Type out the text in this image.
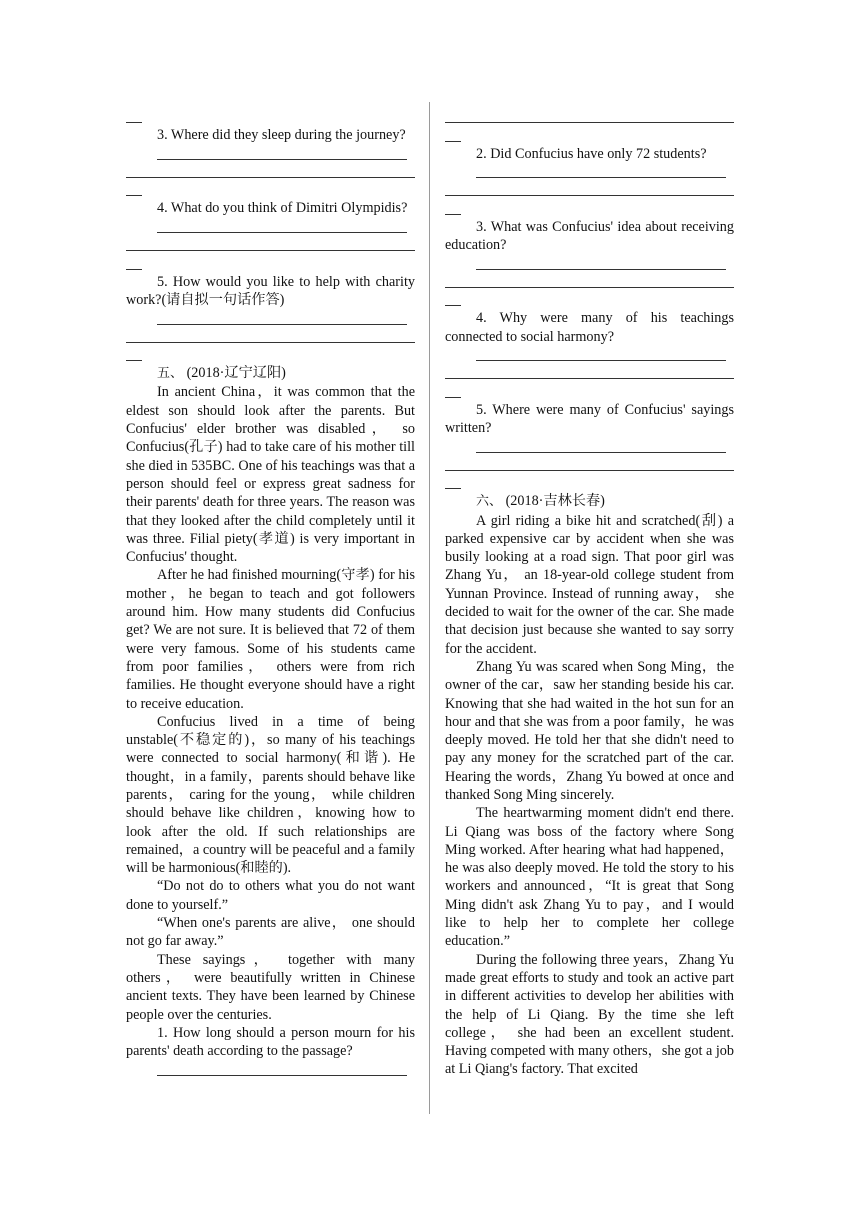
3. Where did they sleep during the journey?

4. What do you think of Dimitri Olympidis?

5. How would you like to help with charity work?(请自拟一句话作答)

五、 (2018·辽宁辽阳)

In ancient China，it was common that the eldest son should look after the parents. But Confucius' elder brother was disabled， so Confucius(孔子) had to take care of his mother till she died in 535BC. One of his teachings was that a person should feel or express great sadness for their parents' death for three years. The reason was that they looked after the child completely until it was three. Filial piety(孝道) is very important in Confucius' thought.

After he had finished mourning(守孝) for his mother，he began to teach and got followers around him. How many students did Confucius get? We are not sure. It is believed that 72 of them were very famous. Some of his students came from poor families， others were from rich families. He thought everyone should have a right to receive education.

Confucius lived in a time of being unstable(不稳定的)，so many of his teachings were connected to social harmony(和谐). He thought，in a family，parents should behave like parents， caring for the young， while children should behave like children，knowing how to look after the old. If such relationships are remained，a country will be peaceful and a family will be harmonious(和睦的).

“Do not do to others what you do not want done to yourself.”

“When one's parents are alive， one should not go far away.”

These sayings， together with many others， were beautifully written in Chinese ancient texts. They have been learned by Chinese people over the centuries.

1. How long should a person mourn for his parents' death according to the passage?

2. Did Confucius have only 72 students?

3. What was Confucius' idea about receiving education?

4. Why were many of his teachings connected to social harmony?

5. Where were many of Confucius' sayings written?

六、 (2018·吉林长春)

A girl riding a bike hit and scratched(刮) a parked expensive car by accident when she was busily looking at a road sign. That poor girl was Zhang Yu， an 18-year-old college student from Yunnan Province. Instead of running away， she decided to wait for the owner of the car. She made that decision just because she wanted to say sorry for the accident.

Zhang Yu was scared when Song Ming，the owner of the car，saw her standing beside his car. Knowing that she had waited in the hot sun for an hour and that she was from a poor family，he was deeply moved. He told her that she didn't need to pay any money for the scratched part of the car. Hearing the words，Zhang Yu bowed at once and thanked Song Ming sincerely.

The heartwarming moment didn't end there. Li Qiang was boss of the factory where Song Ming worked. After hearing what had happened，he was also deeply moved. He told the story to his workers and announced，“It is great that Song Ming didn't ask Zhang Yu to pay，and I would like to help her to complete her college education.”

During the following three years，Zhang Yu made great efforts to study and took an active part in different activities to develop her abilities with the help of Li Qiang. By the time she left college， she had been an excellent student. Having competed with many others，she got a job at Li Qiang's factory. That excited
